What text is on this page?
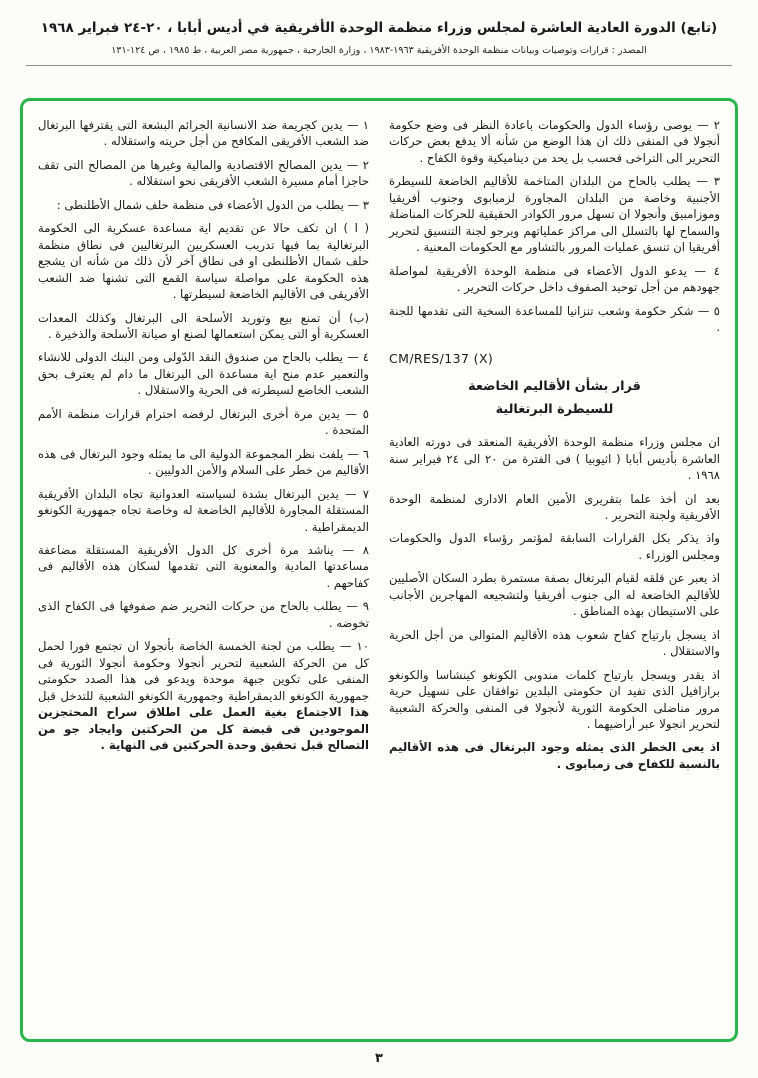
(تابع) الدورة العادية العاشرة لمجلس وزراء منظمة الوحدة الأفريقية في أديس أبابا ، ٢٠-٢٤ فبراير ١٩٦٨
المصدر : قرارات وتوصيات وبيانات منظمة الوحدة الأفريقية ١٩٦٣-١٩٨٣ ، وزارة الخارجية ، جمهورية مصر العربية ، ط ١٩٨٥ ، ص ١٢٤-١٣١

٢ — يوصى رؤساء الدول والحكومات باعادة النظر فى وضع حكومة أنجولا فى المنفى ذلك ان هذا الوضع من شأنه ألا يدفع بعض حركات التحرير الى التراخى فحسب بل يحد من ديناميكية وقوة الكفاح .

٣ — يطلب بالحاح من البلدان المتاخمة للأقاليم الخاضعة للسيطرة الأجنبية وخاصة من البلدان المجاورة لزمبابوى وجنوب أفريقيا وموزامبيق وأنجولا ان تسهل مرور الكوادر الحقيقية للحركات المناضلة والسماح لها بالتسلل الى مراكز عملياتهم ويرجو لجنة التنسيق لتحرير أفريقيا ان تنسق عمليات المرور بالتشاور مع الحكومات المعنية .

٤ — يدعو الدول الأعضاء فى منظمة الوحدة الأفريقية لمواصلة جهودهم من أجل توحيد الصفوف داخل حركات التحرير .

٥ — شكر حكومة وشعب تنزانيا للمساعدة السخية التى تقدمها للجنة .

CM/RES/137 (X)
قرار بشأن الأقاليم الخاضعة
للسيطرة البرتغالية

ان مجلس وزراء منظمة الوحدة الأفريقية المنعقد فى دورته العادية العاشرة بأديس أبابا ( اثيوبيا ) فى الفترة من ٢٠ الى ٢٤ فبراير سنة ١٩٦٨ .

بعد ان أخذ علما بتقريرى الأمين العام الادارى لمنظمة الوحدة الأفريقية ولجنة التحرير .

واذ يذكر بكل القرارات السابقة لمؤتمر رؤساء الدول والحكومات ومجلس الوزراء .

اذ يعبر عن قلقه لقيام البرتغال بصفة مستمرة بطرد السكان الأصليين للأقاليم الخاضعة له الى جنوب أفريقيا ولتشجيعه المهاجرين الأجانب على الاستيطان بهذه المناطق .

اذ يسجل بارتياح كفاح شعوب هذه الأقاليم المتوالى من أجل الحرية والاستقلال .

اذ يقدر ويسجل بارتياح كلمات مندوبى الكونغو كينشاسا والكونغو برازافيل الذى تفيد ان حكومتى البلدين توافقان على تسهيل حرية مرور مناضلى الحكومة الثورية لأنجولا فى المنفى والحركة الشعبية لتحرير انجولا عبر أراضيهما .

اذ يعى الخطر الذى يمثله وجود البرتغال فى هذه الأقاليم بالنسبة للكفاح فى زمبابوى .

١ — يدين كجريمة ضد الانسانية الجرائم البشعة التى يقترفها البرتغال ضد الشعب الأفريقى المكافح من أجل حريته واستقلاله .

٢ — يدين المصالح الاقتصادية والمالية وغيرها من المصالح التى تقف حاجزا أمام مسيرة الشعب الأفريقى نحو استقلاله .

٣ — يطلب من الدول الأعضاء فى منظمة حلف شمال الأطلنطى :

( ا ) ان تكف حالا عن تقديم اية مساعدة عسكرية الى الحكومة البرتغالية بما فيها تدريب العسكريين البرتغاليين فى نطاق منظمة حلف شمال الأطلنطى او فى نطاق آخر لأن ذلك من شأنه ان يشجع هذه الحكومة على مواصلة سياسة القمع التى تشنها ضد الشعب الأفريقى فى الأقاليم الخاضعة لسيطرتها .

(ب) أن تمنع بيع وتوريد الأسلحة الى البرتغال وكذلك المعدات العسكرية أو التى يمكن استعمالها لصنع او صيانة الأسلحة والذخيرة .

٤ — يطلب بالحاح من صندوق النقد الدّولى ومن البنك الدولى للانشاء والتعمير عدم منح اية مساعدة الى البرتغال ما دام لم يعترف بحق الشعب الخاضع لسيطرته فى الحرية والاستقلال .

٥ — يدين مرة أخرى البرتغال لرفضه احترام قرارات منظمة الأمم المتحدة .

٦ — يلفت نظر المجموعة الدولية الى ما يمثله وجود البرتغال فى هذه الأقاليم من خطر على السلام والأمن الدوليين .

٧ — يدين البرتغال بشدة لسياسته العدوانية تجاه البلدان الأفريقية المستقلة المجاورة للأقاليم الخاضعة له وخاصة تجاه جمهورية الكونغو الديمقراطية .

٨ — يناشد مرة أخرى كل الدول الأفريقية المستقلة مضاعفة مساعدتها المادية والمعنوية التى تقدمها لسكان هذه الأقاليم فى كفاحهم .

٩ — يطلب بالحاح من حركات التحرير ضم صفوفها فى الكفاح الذى تخوضه .

١٠ — يطلب من لجنة الخمسة الخاصة بأنجولا ان تجتمع فورا لحمل كل من الحركة الشعبية لتحرير أنجولا وحكومة أنجولا الثورية فى المنفى على تكوين جبهة موحدة ويدعو فى هذا الصدد حكومتى جمهورية الكونغو الديمقراطية وجمهورية الكونغو الشعبية للتدخل قبل هذا الاجتماع بغية العمل على اطلاق سراح المحتجزين الموجودين فى قبضة كل من الحركتين وايجاد جو من التصالح قبل تحقيق وحدة الحركتين فى النهاية .

٣
